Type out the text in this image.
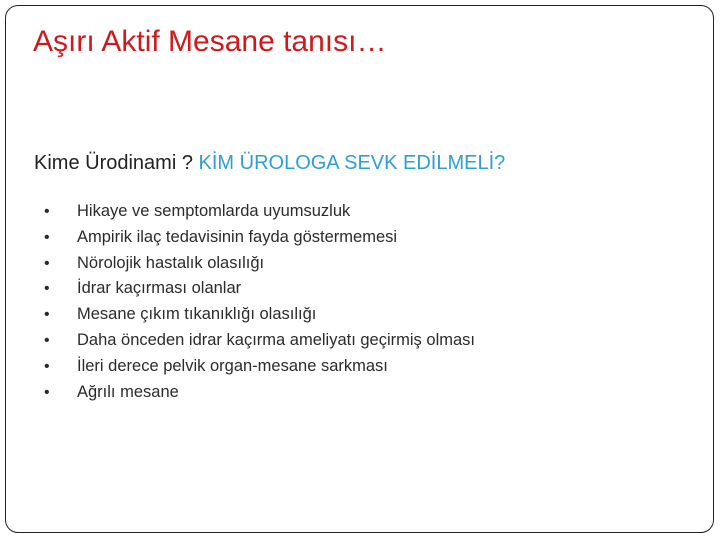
Aşırı Aktif Mesane tanısı…
Kime Ürodinami ? KİM ÜROLOGA SEVK EDİLMELİ?
•	Hikaye ve semptomlarda uyumsuzluk
•	Ampirik ilaç tedavisinin fayda göstermemesi
•	Nörolojik hastalık olasılığı
•	İdrar kaçırması olanlar
•	Mesane çıkım tıkanıklığı olasılığı
•	Daha önceden idrar kaçırma ameliyatı geçirmiş olması
•	İleri derece pelvik organ-mesane sarkması
•	Ağrılı mesane
